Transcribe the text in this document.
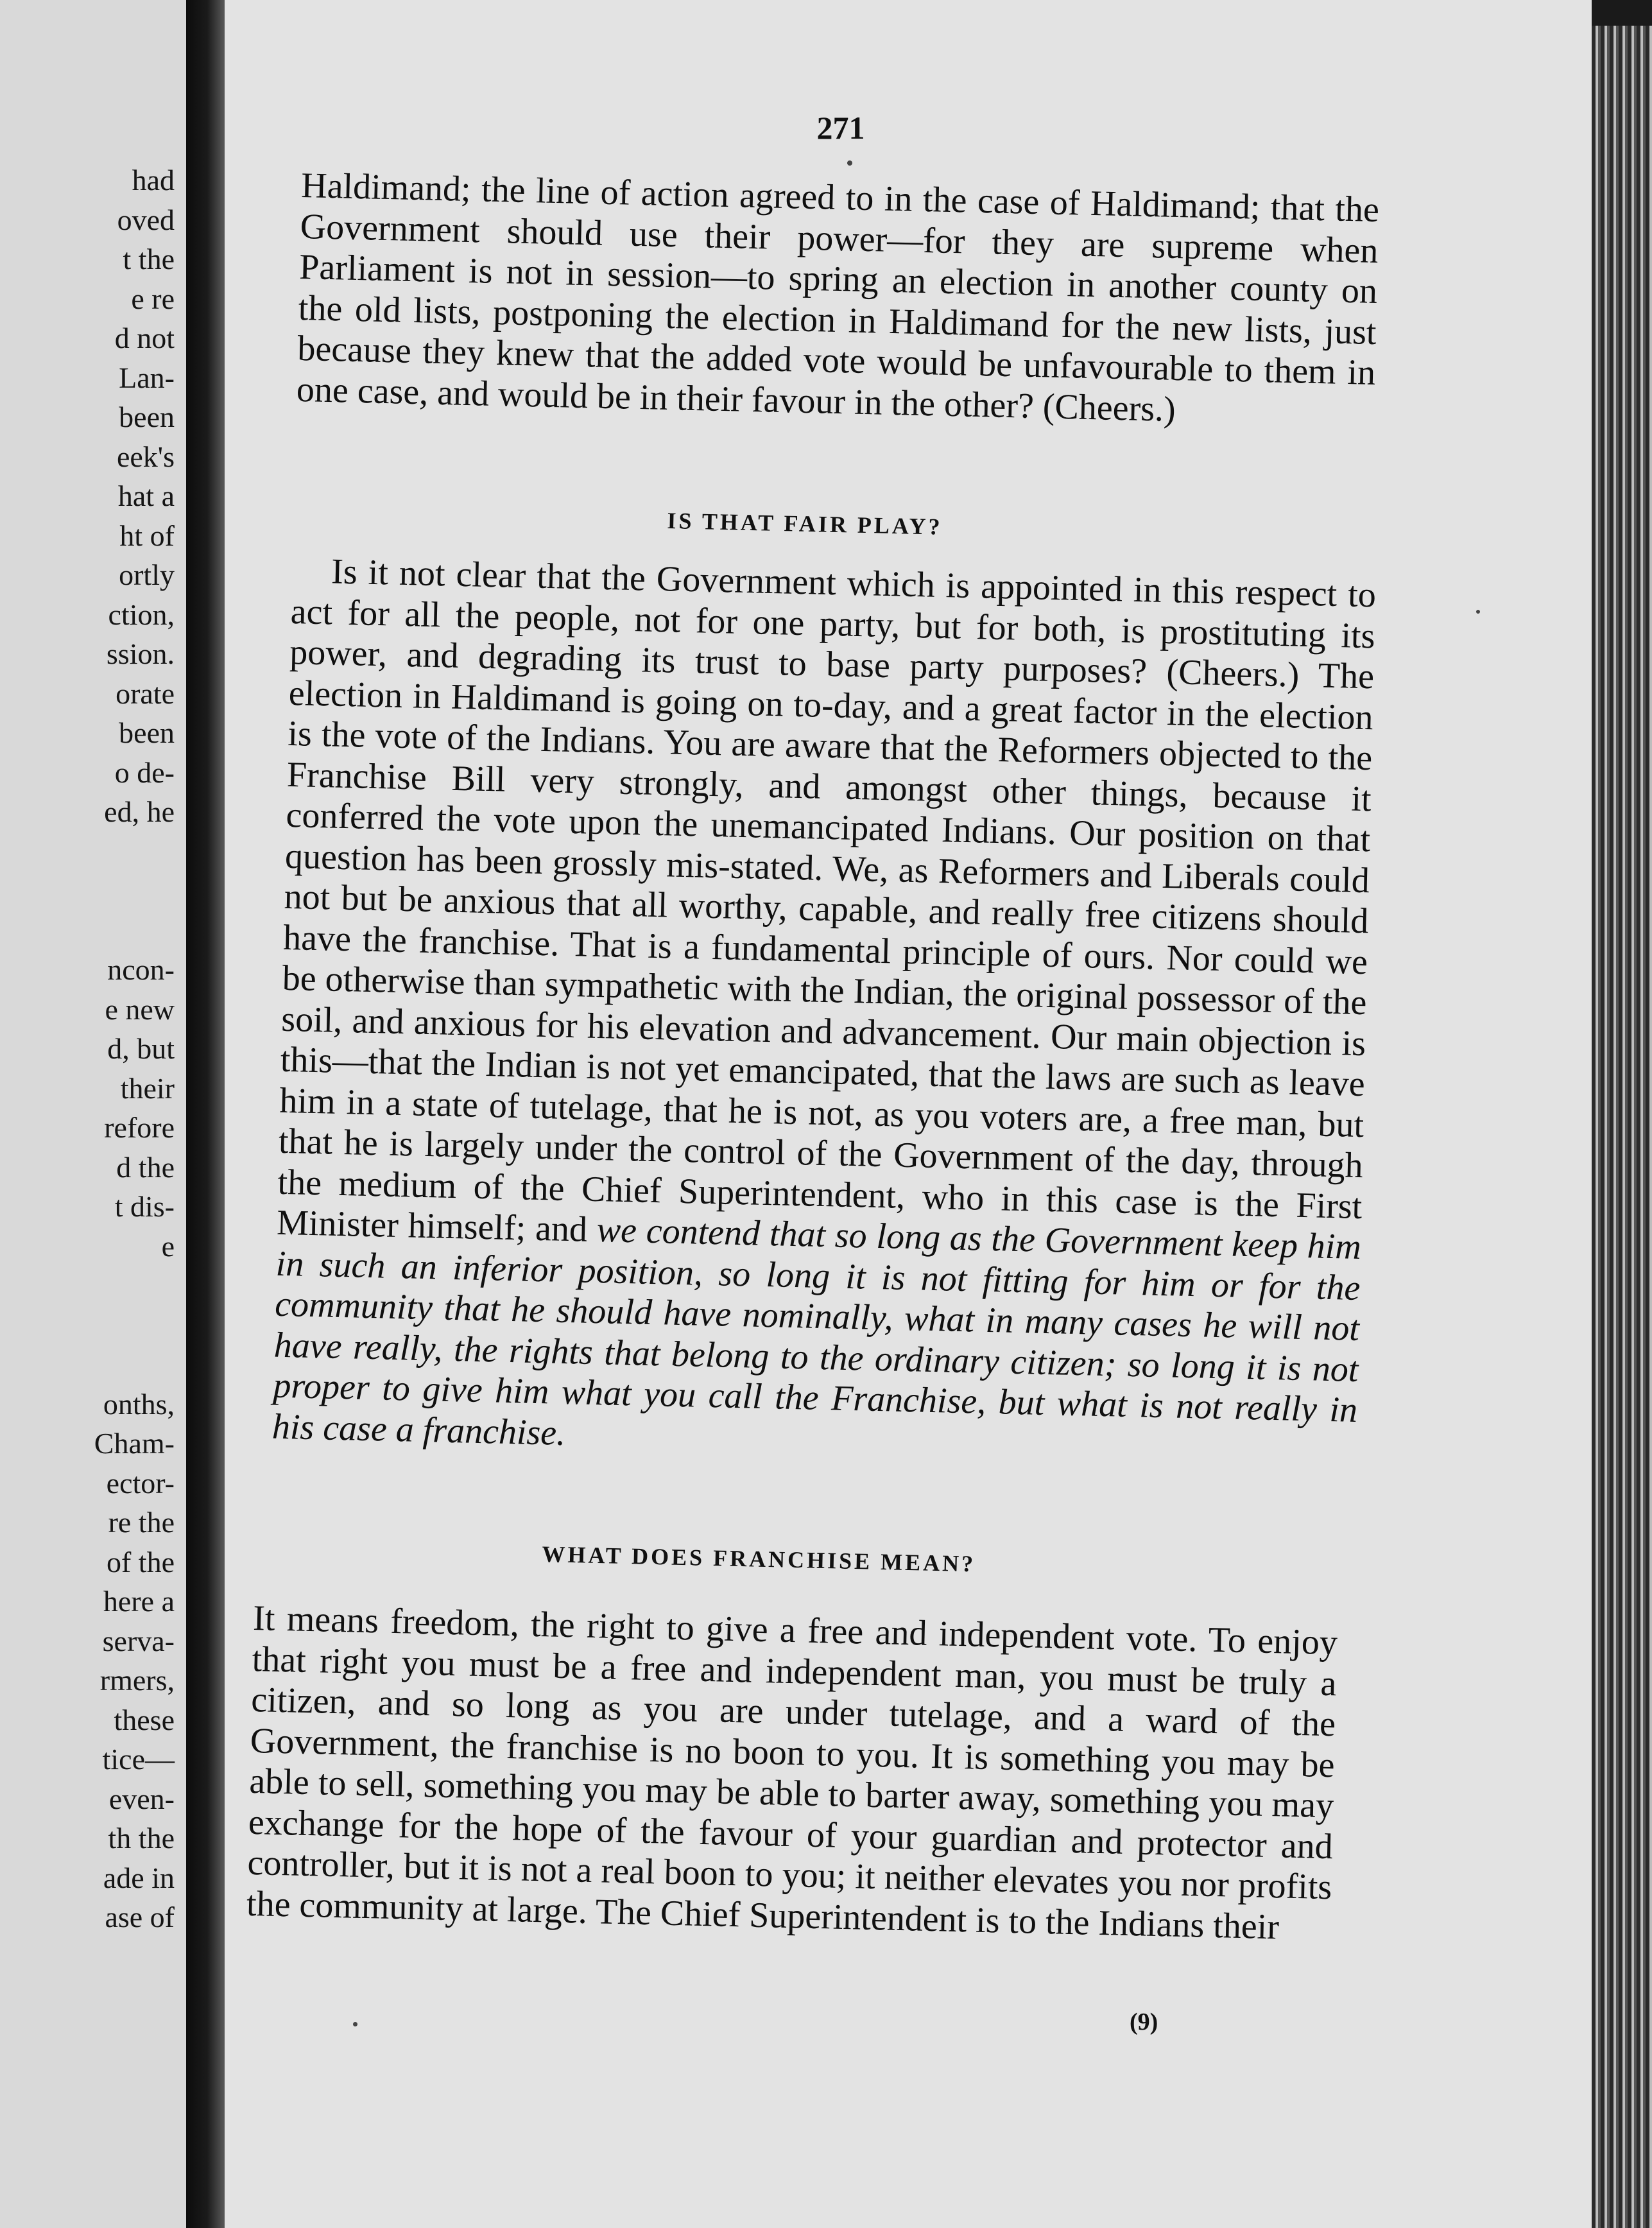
had
oved
t the
e re
d not
Lan-
been
eek's
hat a
ht of
ortly
ction,
ssion.
orate
been
o de-
ed, he
ncon-
e new
d, but
their
refore
d the
t dis-
e
onths,
Cham-
ector-
re the
of the
here a
serva-
rmers,
these
tice—
even-
th the
ade in
ase of
271

Haldimand; the line of action agreed to in the case of Haldimand; that the Government should use their power—for they are supreme when Parliament is not in session—to spring an election in another county on the old lists, postponing the election in Haldimand for the new lists, just because they knew that the added vote would be unfavourable to them in one case, and would be in their favour in the other? (Cheers.)

IS THAT FAIR PLAY?

Is it not clear that the Government which is appointed in this respect to act for all the people, not for one party, but for both, is prostituting its power, and degrading its trust to base party purposes? (Cheers.) The election in Haldimand is going on to-day, and a great factor in the election is the vote of the Indians. You are aware that the Reformers objected to the Franchise Bill very strongly, and amongst other things, because it conferred the vote upon the unemancipated Indians. Our position on that question has been grossly mis-stated. We, as Reformers and Liberals could not but be anxious that all worthy, capable, and really free citizens should have the franchise. That is a fundamental principle of ours. Nor could we be otherwise than sympathetic with the Indian, the original possessor of the soil, and anxious for his elevation and advancement. Our main objection is this—that the Indian is not yet emancipated, that the laws are such as leave him in a state of tutelage, that he is not, as you voters are, a free man, but that he is largely under the control of the Government of the day, through the medium of the Chief Superintendent, who in this case is the First Minister himself; and we contend that so long as the Government keep him in such an inferior position, so long it is not fitting for him or for the community that he should have nominally, what in many cases he will not have really, the rights that belong to the ordinary citizen; so long it is not proper to give him what you call the Franchise, but what is not really in his case a franchise.

WHAT DOES FRANCHISE MEAN?

It means freedom, the right to give a free and independent vote. To enjoy that right you must be a free and independent man, you must be truly a citizen, and so long as you are under tutelage, and a ward of the Government, the franchise is no boon to you. It is something you may be able to sell, something you may be able to barter away, something you may exchange for the hope of the favour of your guardian and protector and controller, but it is not a real boon to you; it neither elevates you nor profits the community at large. The Chief Superintendent is to the Indians their

(9)
